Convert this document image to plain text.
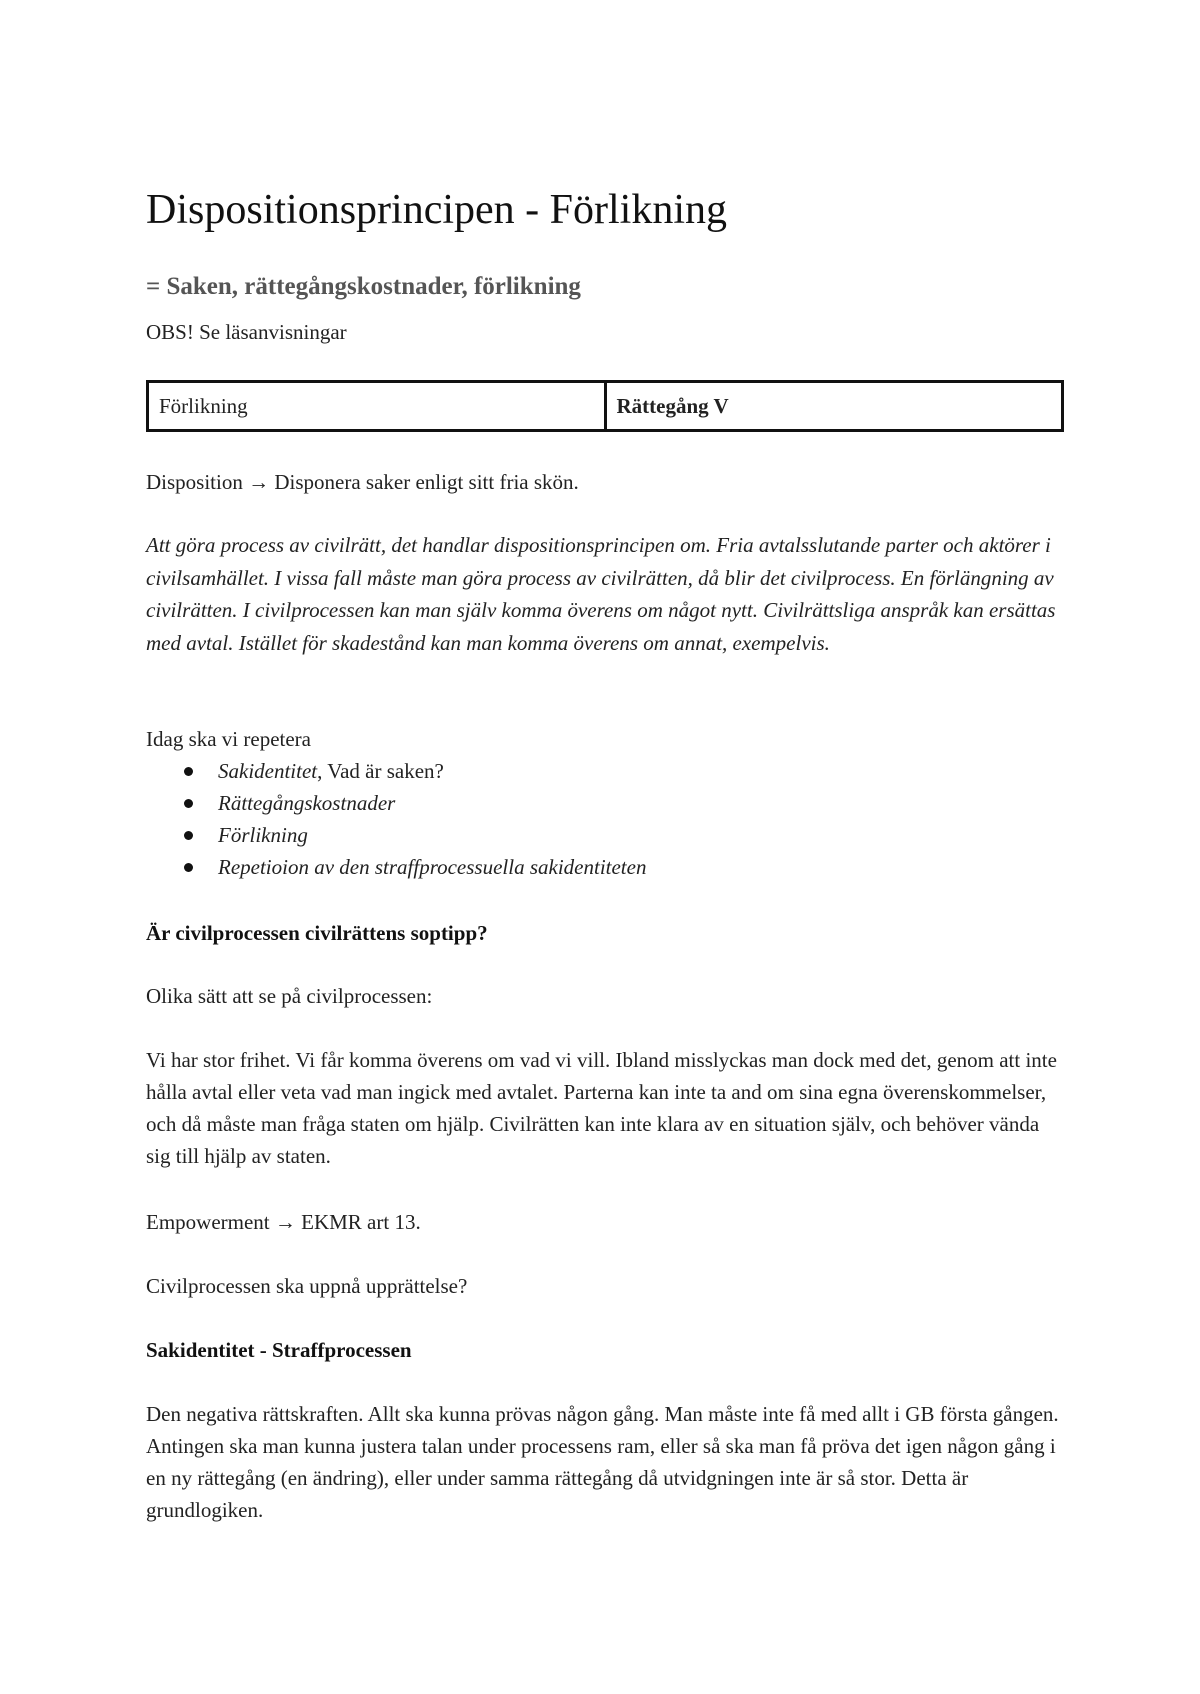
Dispositionsprincipen - Förlikning
= Saken, rättegångskostnader, förlikning

OBS! Se läsanvisningar

Förlikning	Rättegång V

Disposition → Disponera saker enligt sitt fria skön.

Att göra process av civilrätt, det handlar dispositionsprincipen om. Fria avtalsslutande parter och aktörer i civilsamhället. I vissa fall måste man göra process av civilrätten, då blir det civilprocess. En förlängning av civilrätten. I civilprocessen kan man själv komma överens om något nytt. Civilrättsliga anspråk kan ersättas med avtal. Istället för skadestånd kan man komma överens om annat, exempelvis.

Idag ska vi repetera

Sakidentitet, Vad är saken?
Rättegångskostnader
Förlikning
Repetioion av den straffprocessuella sakidentiteten
Är civilprocessen civilrättens soptipp?

Olika sätt att se på civilprocessen:

Vi har stor frihet. Vi får komma överens om vad vi vill. Ibland misslyckas man dock med det, genom att inte hålla avtal eller veta vad man ingick med avtalet. Parterna kan inte ta and om sina egna överenskommelser, och då måste man fråga staten om hjälp. Civilrätten kan inte klara av en situation själv, och behöver vända sig till hjälp av staten.

Empowerment → EKMR art 13.

Civilprocessen ska uppnå upprättelse?

Sakidentitet - Straffprocessen

Den negativa rättskraften. Allt ska kunna prövas någon gång. Man måste inte få med allt i GB första gången. Antingen ska man kunna justera talan under processens ram, eller så ska man få pröva det igen någon gång i en ny rättegång (en ändring), eller under samma rättegång då utvidgningen inte är så stor. Detta är grundlogiken.
